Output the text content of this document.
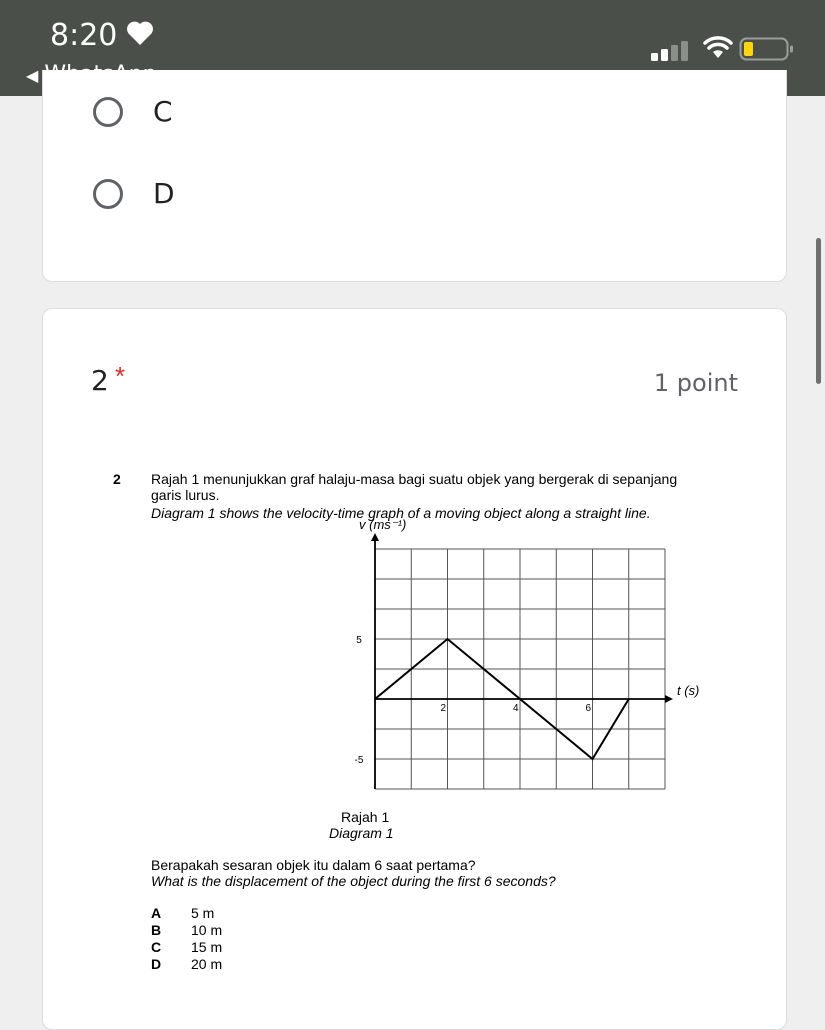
8:20
◀
C
D
2 *	1 point
2 Rajah 1 menunjukkan graf halaju-masa bagi suatu objek yang bergerak di sepanjang
garis lurus.
Diagram 1 shows the velocity-time graph of a moving object along a straight line.
v (ms⁻¹)
t (s)
2	4	6
5
-5
Rajah 1
Diagram 1
Berapakah sesaran objek itu dalam 6 saat pertama?
What is the displacement of the object during the first 6 seconds?
A	5 m
B	10 m
C	15 m
D	20 m
